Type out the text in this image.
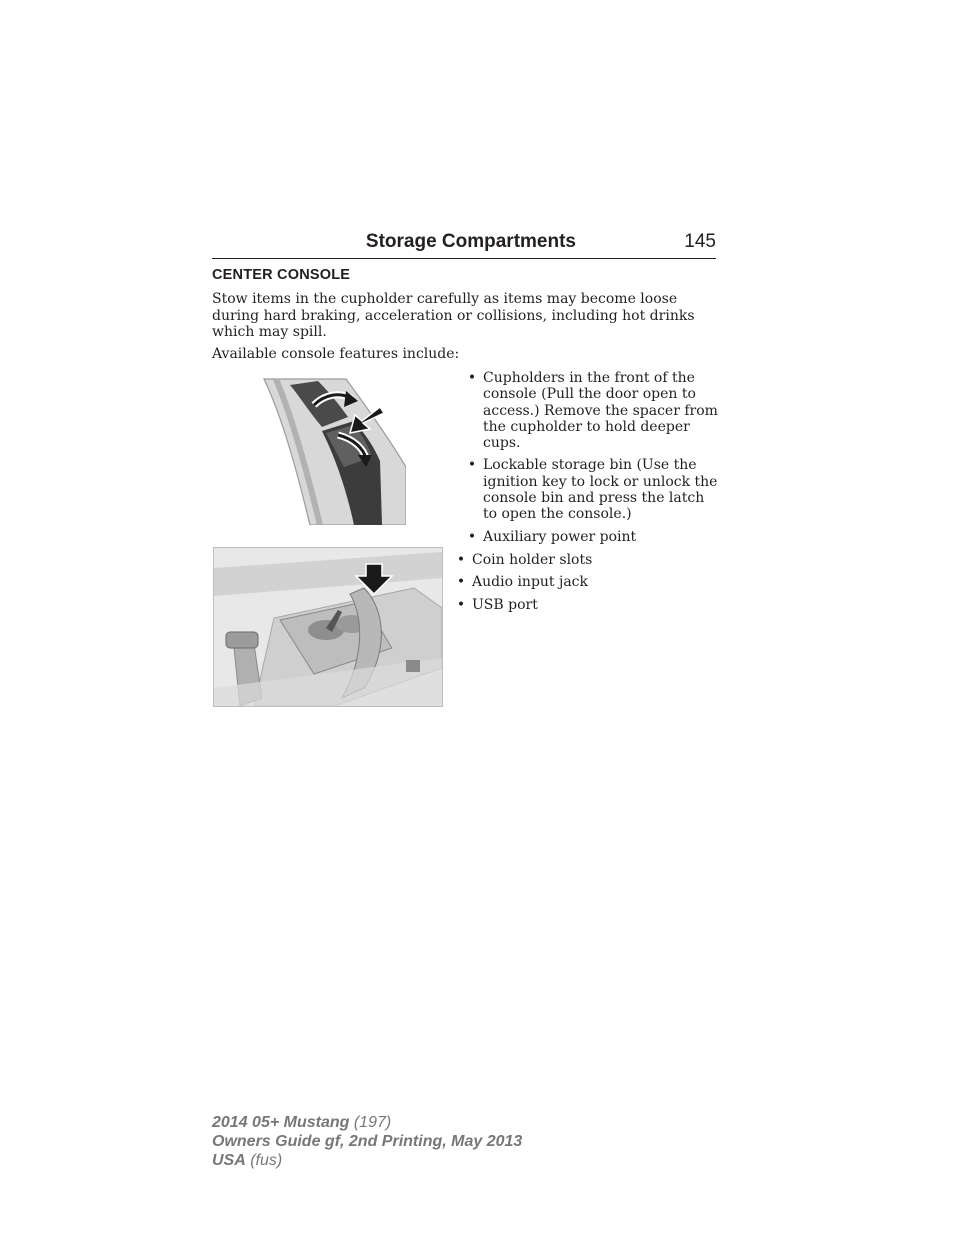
Storage Compartments	145
CENTER CONSOLE
Stow items in the cupholder carefully as items may become loose during hard braking, acceleration or collisions, including hot drinks which may spill.
Available console features include:
• Cupholders in the front of the console (Pull the door open to access.) Remove the spacer from the cupholder to hold deeper cups.
• Lockable storage bin (Use the ignition key to lock or unlock the console bin and press the latch to open the console.)
• Auxiliary power point
• Coin holder slots
• Audio input jack
• USB port
2014 05+ Mustang (197)
Owners Guide gf, 2nd Printing, May 2013
USA (fus)
